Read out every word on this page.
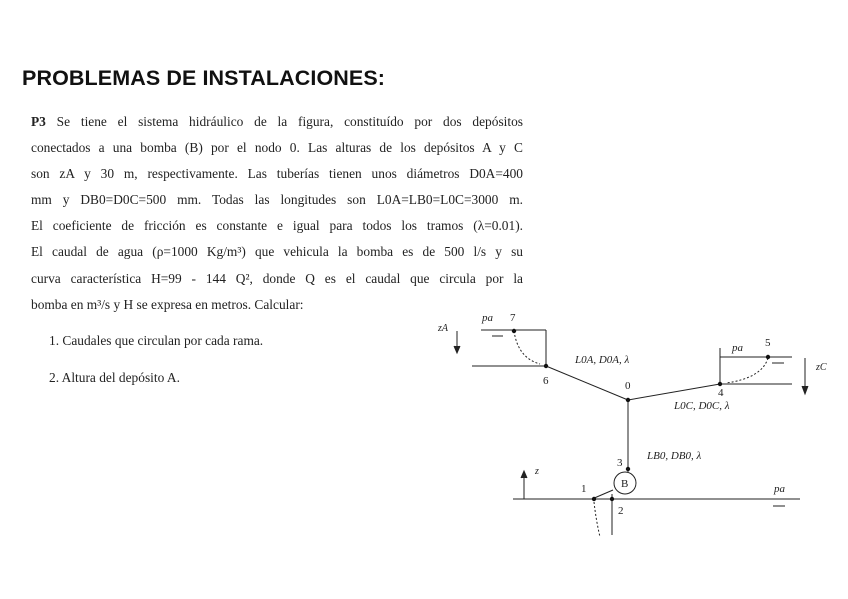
PROBLEMAS DE INSTALACIONES:
P3 Se tiene el sistema hidráulico de la figura, constituído por dos depósitos
conectados a una bomba (B) por el nodo 0. Las alturas de los depósitos A y C
son zA y 30 m, respectivamente. Las tuberías tienen unos diámetros D0A=400
mm y DB0=D0C=500 mm. Todas las longitudes son L0A=LB0=L0C=3000 m.
El coeficiente de fricción es constante e igual para todos los tramos (λ=0.01).
El caudal de agua (ρ=1000 Kg/m³) que vehicula la bomba es de 500 l/s y su
curva característica H=99 - 144 Q², donde Q es el caudal que circula por la
bomba en m³/s y H se expresa en metros. Calcular:
1. Caudales que circulan por cada rama.
2. Altura del depósito A.
pa 7
zA
pa 5
zC
L0A, D0A, λ
6	0
4
L0C, D0C, λ
LB0, DB0, λ
3
B
1
2
z
pa
